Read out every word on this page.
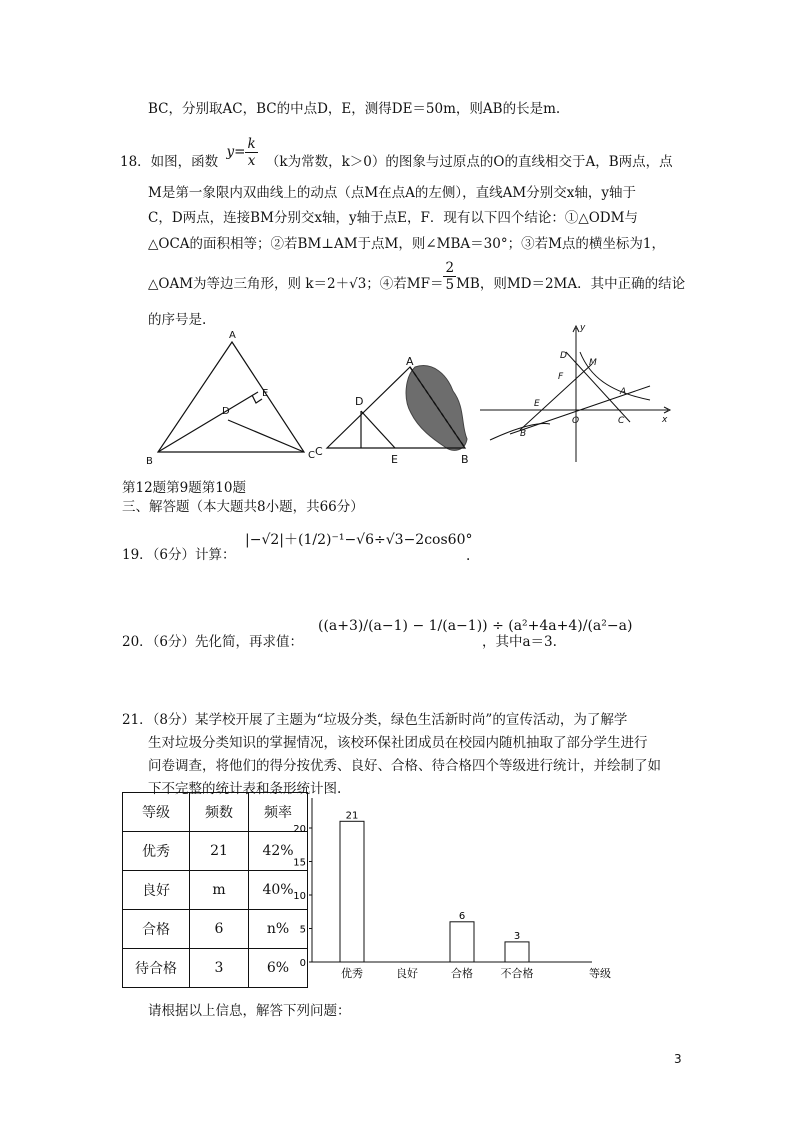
BC，分别取AC，BC的中点D，E，测得DE＝50m，则AB的长是m.
18．如图，函数 $y= \frac{k}{x} (k$为常数，k＞0）的图象与过原点的O的直线相交于A，B两点，点
M是第一象限内双曲线上的动点（点M在点A的左侧），直线AM分别交x轴，y轴于
C，D两点，连接BM分别交x轴，y轴于点E，F．现有以下四个结论：①△ODM与
△OCA的面积相等；②若BM⊥AM于点M，则∠MBA＝30°；③若M点的横坐标为1，
△OAM为等边三角形，则 k＝2＋√3；④若$MF= \frac{2}{5}$ MB，则MD＝2MA．其中正确的结论
的序号是.
A
B
C
D
E
A
B
C
D
E
y
x
D
M
F
A
E
O	C
B
第12题第9题第10题
三、解答题（本大题共8小题，共66分）
19．（6分）计算：
|−√2|＋(1/2)⁻¹−√6÷√3−2cos60°
.
20．（6分）先化简，再求值：
((a+3)/(a−1) − 1/(a−1)) ÷ (a²+4a+4)/(a²−a)
，其中a＝3.
21．（8分）某学校开展了主题为“垃圾分类，绿色生活新时尚”的宣传活动，为了解学
生对垃圾分类知识的掌握情况，该校环保社团成员在校园内随机抽取了部分学生进行
问卷调查，将他们的得分按优秀、良好、合格、待合格四个等级进行统计，并绘制了如
下不完整的统计表和条形统计图.
等级	频数	频率
优秀	21	42%
良好	m	40%
合格	6	n%
待合格	3	6% 0
5
10
15
20
21
优秀	良好
6
合格
3
不合格	等级
请根据以上信息，解答下列问题：
3
